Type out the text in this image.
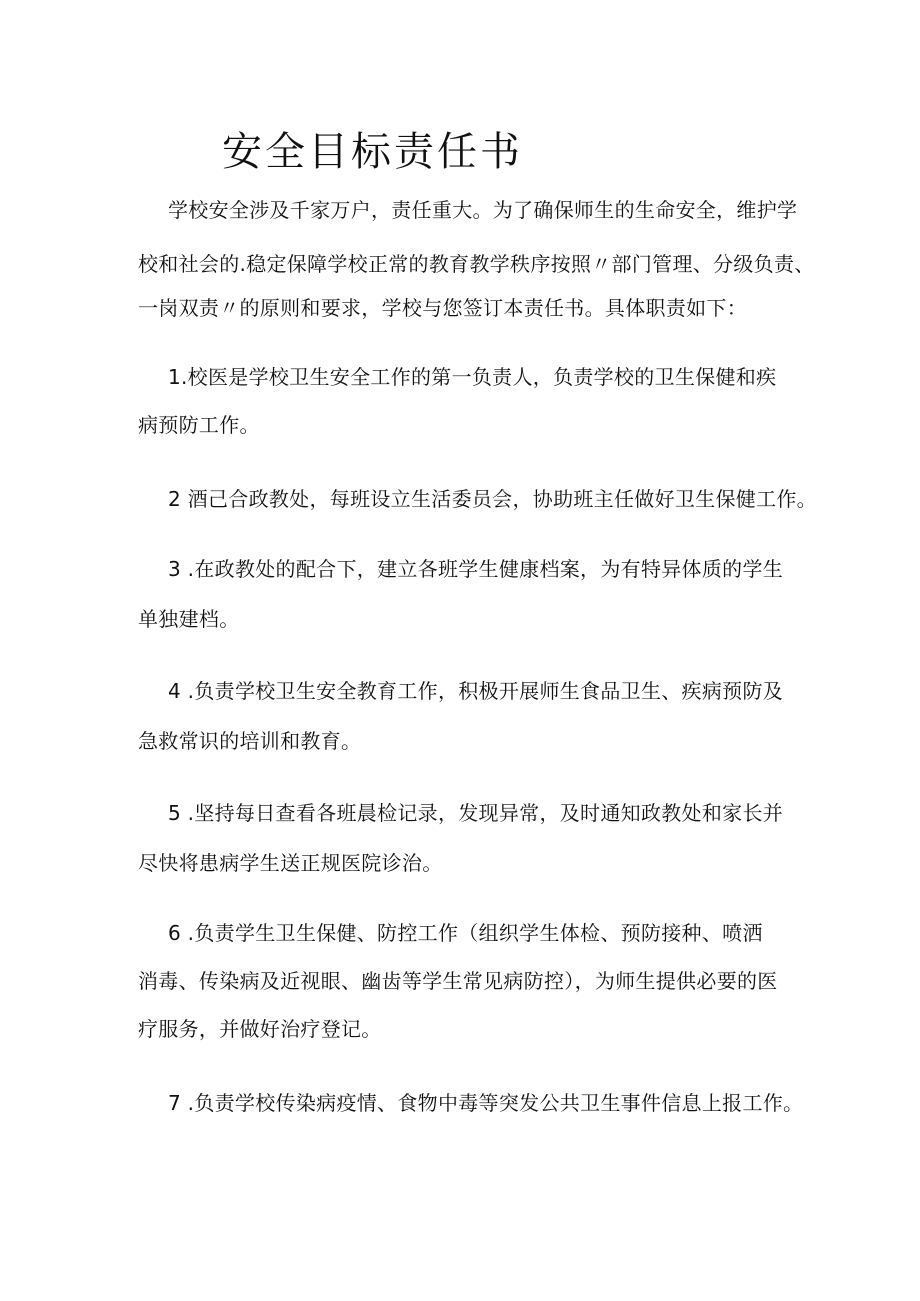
安全目标责任书

学校安全涉及千家万户，责任重大。为了确保师生的生命安全，维护学

校和社会的.稳定保障学校正常的教育教学秩序按照〃部门管理、分级负责、

一岗双责〃的原则和要求，学校与您签订本责任书。具体职责如下：

1.校医是学校卫生安全工作的第一负责人，负责学校的卫生保健和疾

病预防工作。

2 酒己合政教处，每班设立生活委员会，协助班主任做好卫生保健工作。

3 .在政教处的配合下，建立各班学生健康档案，为有特异体质的学生

单独建档。

4 .负责学校卫生安全教育工作，积极开展师生食品卫生、疾病预防及

急救常识的培训和教育。

5 .坚持每日查看各班晨检记录，发现异常，及时通知政教处和家长并

尽快将患病学生送正规医院诊治。

6 .负责学生卫生保健、防控工作（组织学生体检、预防接种、喷洒

消毒、传染病及近视眼、幽齿等学生常见病防控），为师生提供必要的医

疗服务，并做好治疗登记。

7 .负责学校传染病疫情、食物中毒等突发公共卫生事件信息上报工作。
